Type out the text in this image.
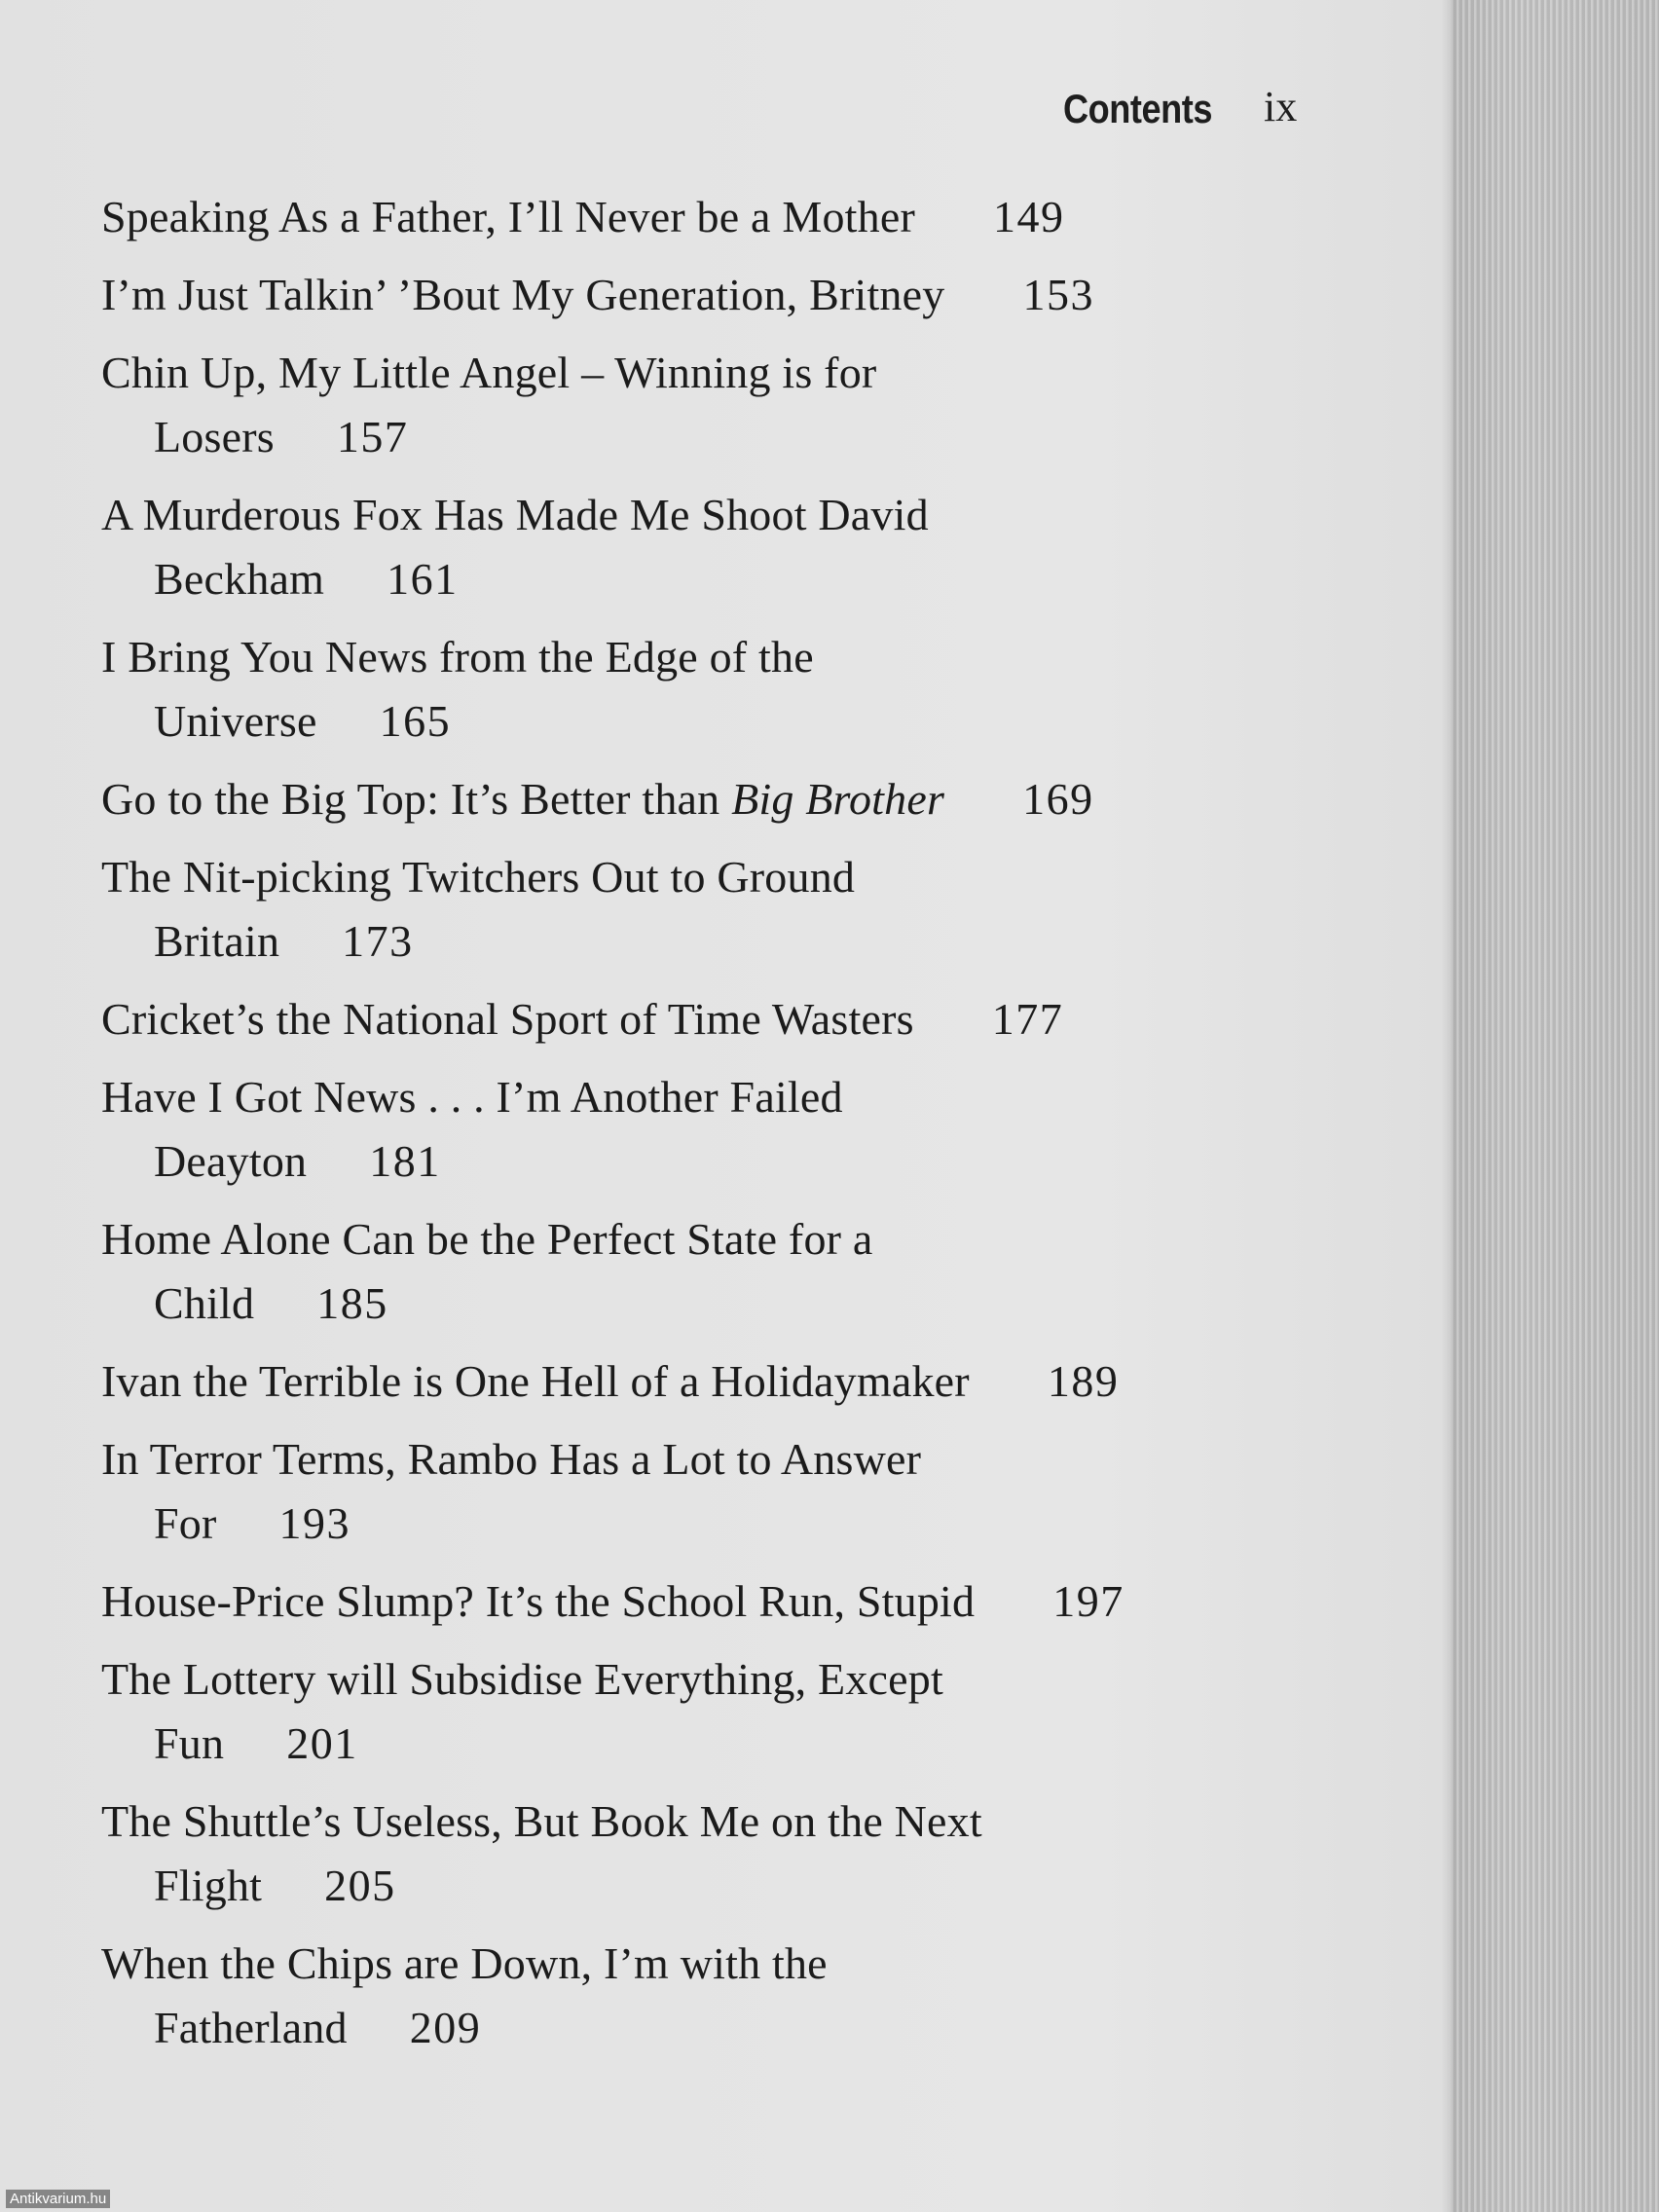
Contents ix
Speaking As a Father, I’ll Never be a Mother 149
I’m Just Talkin’ ’Bout My Generation, Britney 153
Chin Up, My Little Angel – Winning is for
Losers 157
A Murderous Fox Has Made Me Shoot David
Beckham 161
I Bring You News from the Edge of the
Universe 165
Go to the Big Top: It’s Better than Big Brother 169
The Nit-picking Twitchers Out to Ground
Britain 173
Cricket’s the National Sport of Time Wasters 177
Have I Got News . . . I’m Another Failed
Deayton 181
Home Alone Can be the Perfect State for a
Child 185
Ivan the Terrible is One Hell of a Holidaymaker 189
In Terror Terms, Rambo Has a Lot to Answer
For 193
House-Price Slump? It’s the School Run, Stupid 197
The Lottery will Subsidise Everything, Except
Fun 201
The Shuttle’s Useless, But Book Me on the Next
Flight 205
When the Chips are Down, I’m with the
Fatherland 209
Antikvarium.hu
